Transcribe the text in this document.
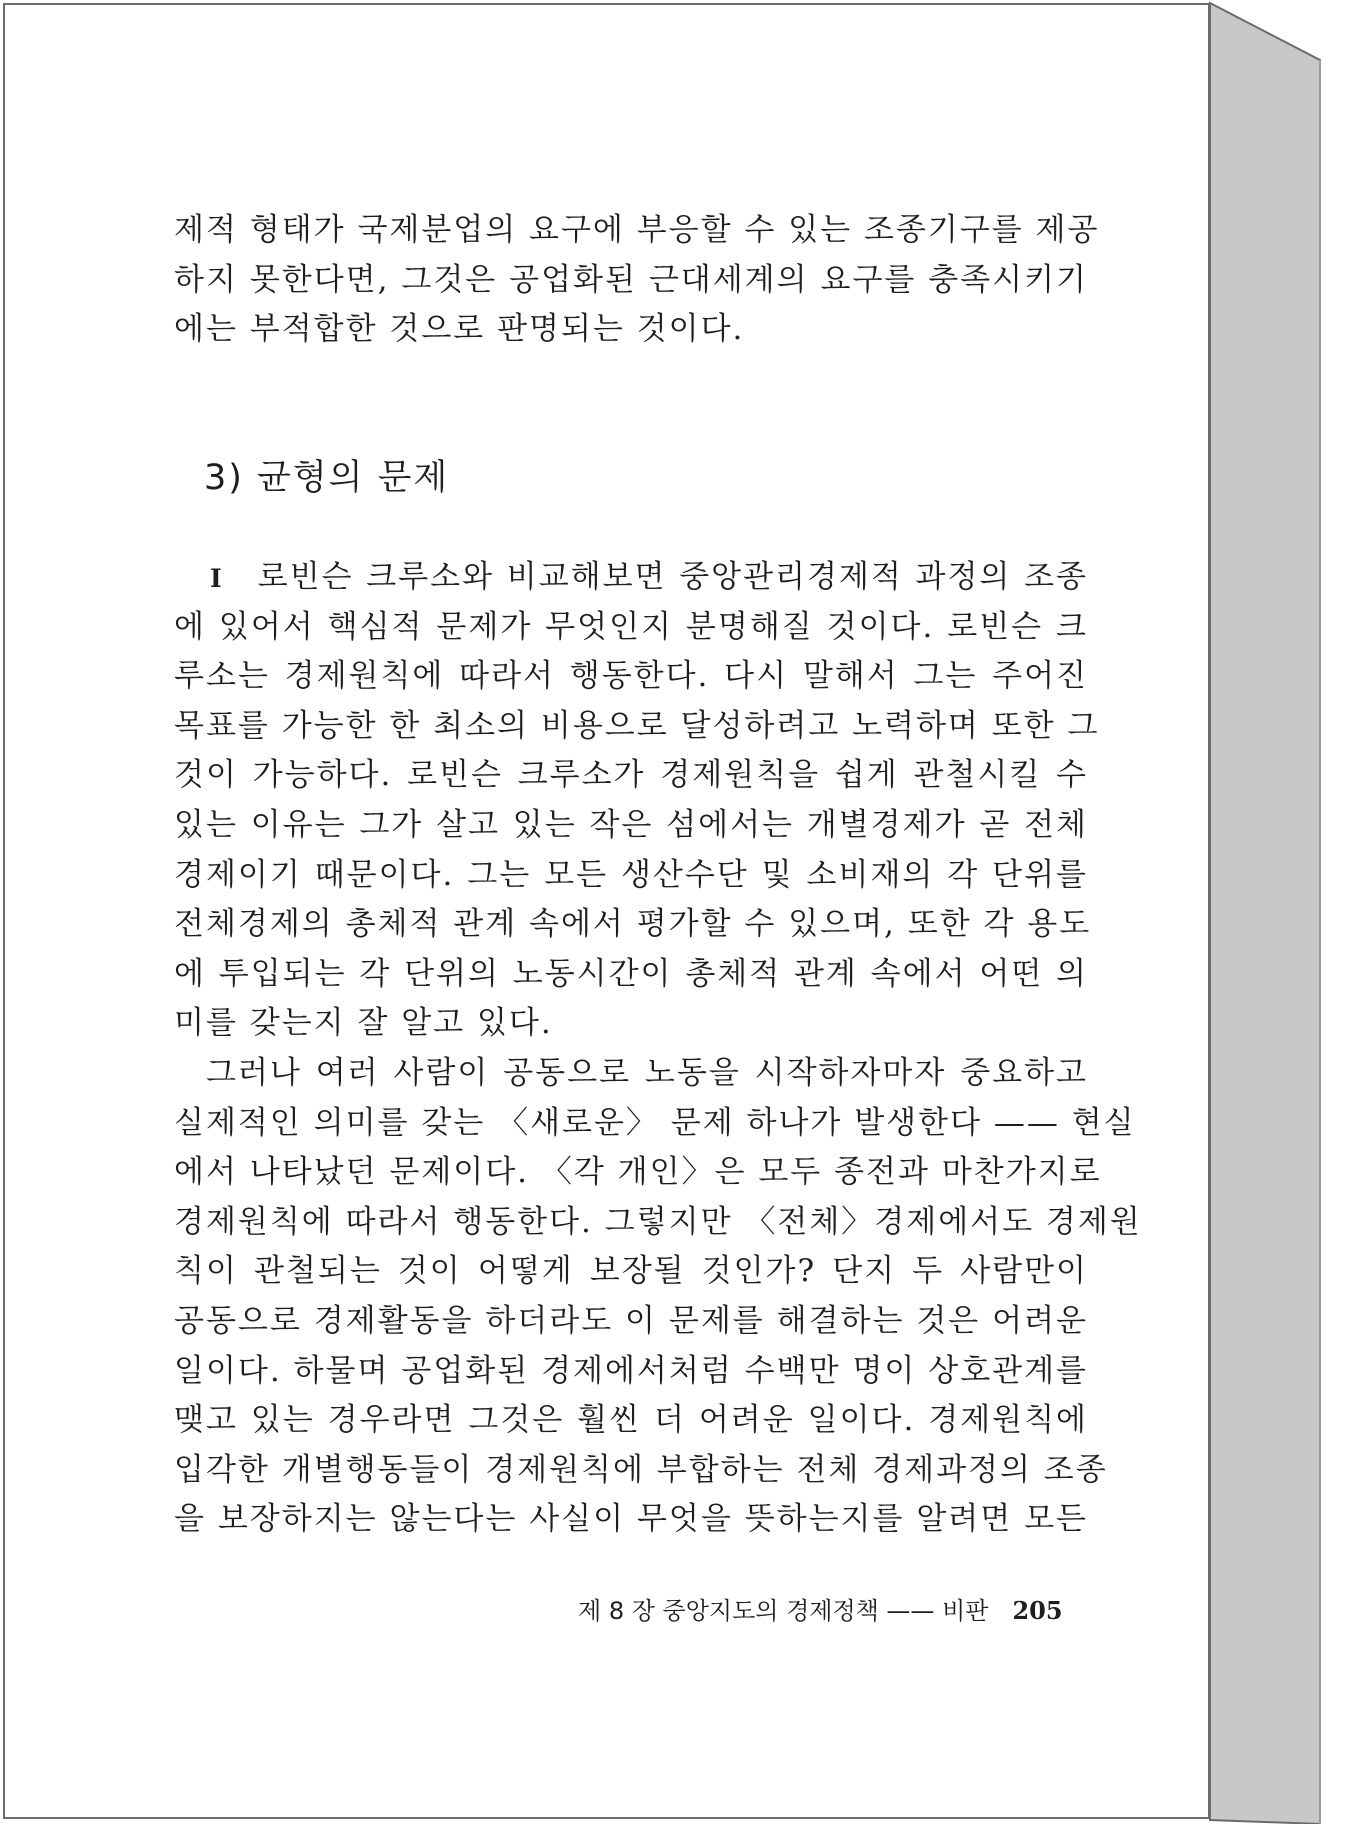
제적 형태가 국제분업의 요구에 부응할 수 있는 조종기구를 제공
하지 못한다면, 그것은 공업화된 근대세계의 요구를 충족시키기
에는 부적합한 것으로 판명되는 것이다.
3) 균형의 문제
I 로빈슨 크루소와 비교해보면 중앙관리경제적 과정의 조종
에 있어서 핵심적 문제가 무엇인지 분명해질 것이다. 로빈슨 크
루소는 경제원칙에 따라서 행동한다. 다시 말해서 그는 주어진
목표를 가능한 한 최소의 비용으로 달성하려고 노력하며 또한 그
것이 가능하다. 로빈슨 크루소가 경제원칙을 쉽게 관철시킬 수
있는 이유는 그가 살고 있는 작은 섬에서는 개별경제가 곧 전체
경제이기 때문이다. 그는 모든 생산수단 및 소비재의 각 단위를
전체경제의 총체적 관계 속에서 평가할 수 있으며, 또한 각 용도
에 투입되는 각 단위의 노동시간이 총체적 관계 속에서 어떤 의
미를 갖는지 잘 알고 있다.
그러나 여러 사람이 공동으로 노동을 시작하자마자 중요하고
실제적인 의미를 갖는 〈새로운〉 문제 하나가 발생한다 —— 현실
에서 나타났던 문제이다. 〈각 개인〉은 모두 종전과 마찬가지로
경제원칙에 따라서 행동한다. 그렇지만 〈전체〉경제에서도 경제원
칙이 관철되는 것이 어떻게 보장될 것인가? 단지 두 사람만이
공동으로 경제활동을 하더라도 이 문제를 해결하는 것은 어려운
일이다. 하물며 공업화된 경제에서처럼 수백만 명이 상호관계를
맺고 있는 경우라면 그것은 훨씬 더 어려운 일이다. 경제원칙에
입각한 개별행동들이 경제원칙에 부합하는 전체 경제과정의 조종
을 보장하지는 않는다는 사실이 무엇을 뜻하는지를 알려면 모든
제 8 장 중앙지도의 경제정책 —— 비판 205
